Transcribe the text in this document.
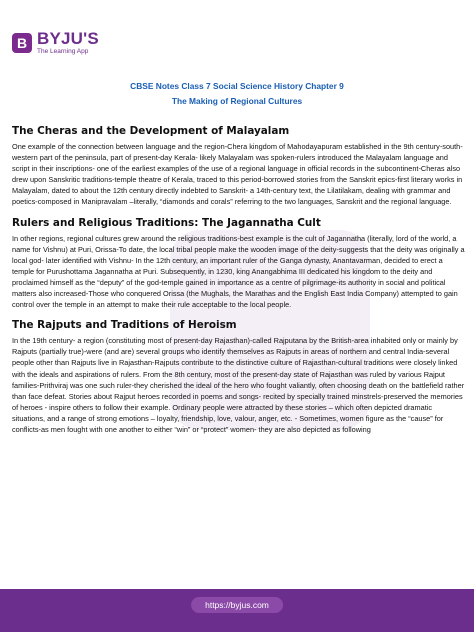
B BYJU'S
The Learning App
CBSE Notes Class 7 Social Science History Chapter 9
The Making of Regional Cultures
The Cheras and the Development of Malayalam

One example of the connection between language and the region-Chera kingdom of Mahodayapuram established in the 9th century-south-western part of the peninsula, part of present-day Kerala- likely Malayalam was spoken-rulers introduced the Malayalam language and script in their inscriptions- one of the earliest examples of the use of a regional language in official records in the subcontinent-Cheras also drew upon Sanskritic traditions-temple theatre of Kerala, traced to this period-borrowed stories from the Sanskrit epics-first literary works in Malayalam, dated to about the 12th century directly indebted to Sanskrit- a 14th-century text, the Lilatilakam, dealing with grammar and poetics-composed in Manipravalam –literally, “diamonds and corals” referring to the two languages, Sanskrit and the regional language.

Rulers and Religious Traditions: The Jagannatha Cult

In other regions, regional cultures grew around the religious traditions-best example is the cult of Jagannatha (literally, lord of the world, a name for Vishnu) at Puri, Orissa-To date, the local tribal people make the wooden image of the deity-suggests that the deity was originally a local god- later identified with Vishnu- In the 12th century, an important ruler of the Ganga dynasty, Anantavarman, decided to erect a temple for Purushottama Jagannatha at Puri. Subsequently, in 1230, king Anangabhima III dedicated his kingdom to the deity and proclaimed himself as the “deputy” of the god-temple gained in importance as a centre of pilgrimage-its authority in social and political matters also increased-Those who conquered Orissa (the Mughals, the Marathas and the English East India Company) attempted to gain control over the temple in an attempt to make their rule acceptable to the local people.

The Rajputs and Traditions of Heroism

In the 19th century- a region (constituting most of present-day Rajasthan)-called Rajputana by the British-area inhabited only or mainly by Rajputs (partially true)-were (and are) several groups who identify themselves as Rajputs in areas of northern and central India-several people other than Rajputs live in Rajasthan-Rajputs contribute to the distinctive culture of Rajasthan-cultural traditions were closely linked with the ideals and aspirations of rulers. From the 8th century, most of the present-day state of Rajasthan was ruled by various Rajput families-Prithviraj was one such ruler-they cherished the ideal of the hero who fought valiantly, often choosing death on the battlefield rather than face defeat. Stories about Rajput heroes recorded in poems and songs- recited by specially trained minstrels-preserved the memories of heroes - inspire others to follow their example. Ordinary people were attracted by these stories – which often depicted dramatic situations, and a range of strong emotions – loyalty, friendship, love, valour, anger, etc. - Sometimes, women figure as the “cause” for conflicts-as men fought with one another to either “win” or “protect” women- they are also depicted as following

https://byjus.com
